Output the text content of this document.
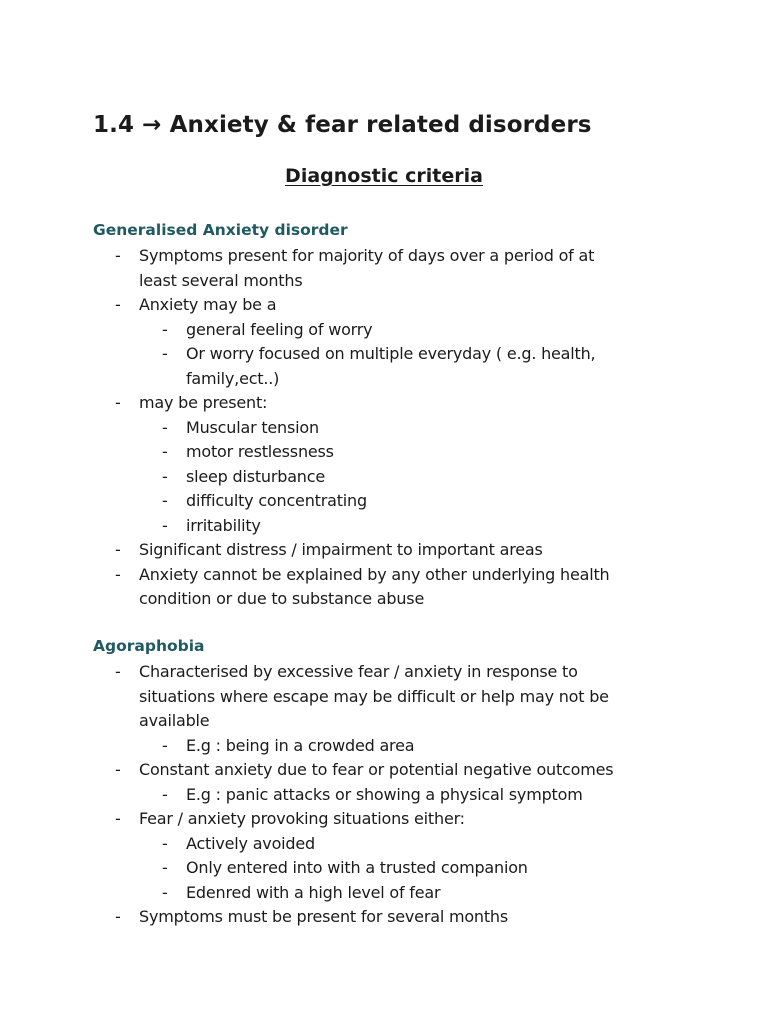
1.4 → Anxiety & fear related disorders
Diagnostic criteria
Generalised Anxiety disorder
- Symptoms present for majority of days over a period of at
least several months
- Anxiety may be a
- general feeling of worry
- Or worry focused on multiple everyday ( e.g. health,
family,ect..)
- may be present:
- Muscular tension
- motor restlessness
- sleep disturbance
- difficulty concentrating
- irritability
- Significant distress / impairment to important areas
- Anxiety cannot be explained by any other underlying health
condition or due to substance abuse
Agoraphobia
- Characterised by excessive fear / anxiety in response to
situations where escape may be difficult or help may not be
available
- E.g : being in a crowded area
- Constant anxiety due to fear or potential negative outcomes
- E.g : panic attacks or showing a physical symptom
- Fear / anxiety provoking situations either:
- Actively avoided
- Only entered into with a trusted companion
- Edenred with a high level of fear
- Symptoms must be present for several months
